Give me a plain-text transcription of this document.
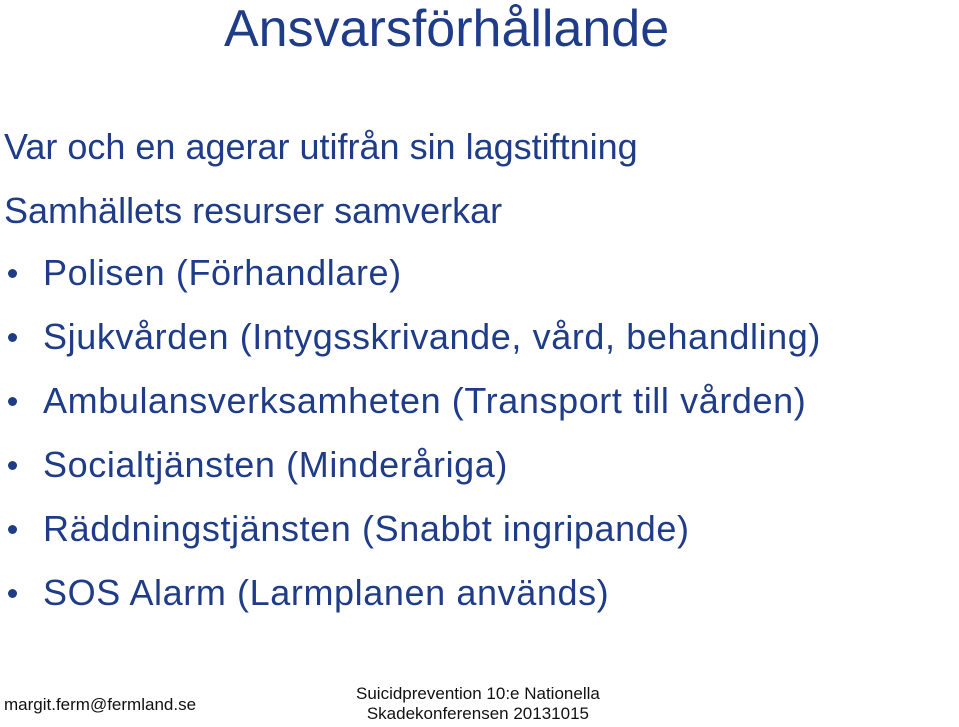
Ansvarsförhållande
Var och en agerar utifrån sin lagstiftning
Samhällets resurser samverkar
Polisen (Förhandlare)
Sjukvården (Intygsskrivande, vård, behandling)
Ambulansverksamheten (Transport till vården)
Socialtjänsten (Minderåriga)
Räddningstjänsten (Snabbt ingripande)
SOS Alarm (Larmplanen används)
margit.ferm@fermland.se
Suicidprevention 10:e Nationella
Skadekonferensen 20131015
